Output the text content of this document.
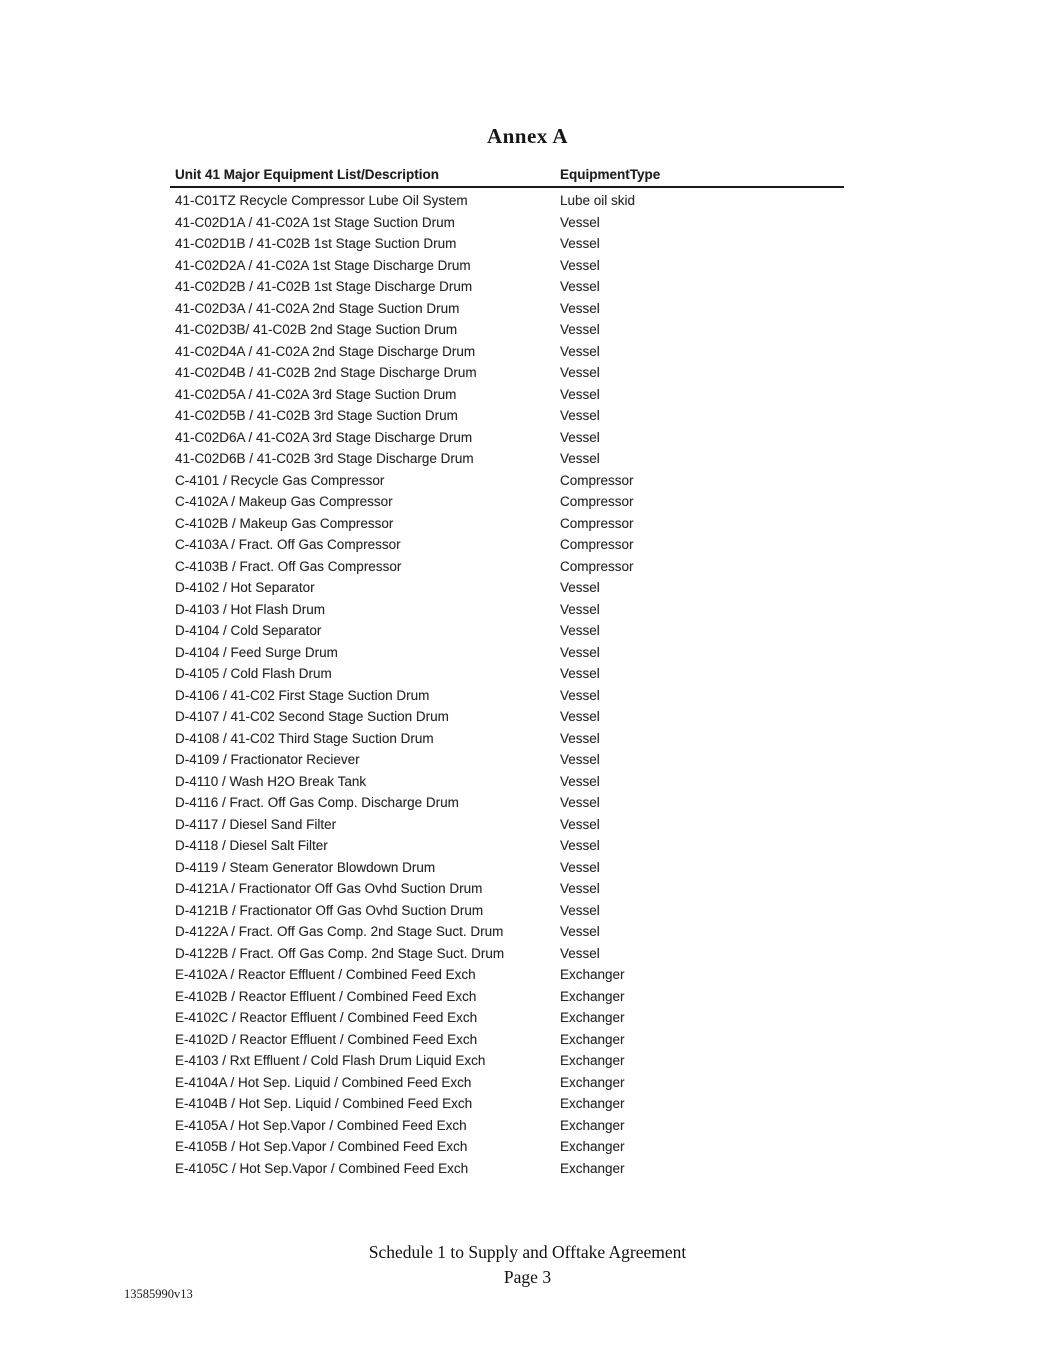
Annex A
Unit 41 Major Equipment List/Description	EquipmentType
41-C01TZ Recycle Compressor Lube Oil System	Lube oil skid
41-C02D1A / 41-C02A 1st Stage Suction Drum	Vessel
41-C02D1B / 41-C02B 1st Stage Suction Drum	Vessel
41-C02D2A / 41-C02A 1st Stage Discharge Drum	Vessel
41-C02D2B / 41-C02B 1st Stage Discharge Drum	Vessel
41-C02D3A / 41-C02A 2nd Stage Suction Drum	Vessel
41-C02D3B/ 41-C02B 2nd Stage Suction Drum	Vessel
41-C02D4A / 41-C02A 2nd Stage Discharge Drum	Vessel
41-C02D4B / 41-C02B 2nd Stage Discharge Drum	Vessel
41-C02D5A / 41-C02A 3rd Stage Suction Drum	Vessel
41-C02D5B / 41-C02B 3rd Stage Suction Drum	Vessel
41-C02D6A / 41-C02A 3rd Stage Discharge Drum	Vessel
41-C02D6B / 41-C02B 3rd Stage Discharge Drum	Vessel
C-4101 / Recycle Gas Compressor	Compressor
C-4102A / Makeup Gas Compressor	Compressor
C-4102B / Makeup Gas Compressor	Compressor
C-4103A / Fract. Off Gas Compressor	Compressor
C-4103B / Fract. Off Gas Compressor	Compressor
D-4102 / Hot Separator	Vessel
D-4103 / Hot Flash Drum	Vessel
D-4104 / Cold Separator	Vessel
D-4104 / Feed Surge Drum	Vessel
D-4105 / Cold Flash Drum	Vessel
D-4106 / 41-C02 First Stage Suction Drum	Vessel
D-4107 / 41-C02 Second Stage Suction Drum	Vessel
D-4108 / 41-C02 Third Stage Suction Drum	Vessel
D-4109 / Fractionator Reciever	Vessel
D-4110 / Wash H2O Break Tank	Vessel
D-4116 / Fract. Off Gas Comp. Discharge Drum	Vessel
D-4117 / Diesel Sand Filter	Vessel
D-4118 / Diesel Salt Filter	Vessel
D-4119 / Steam Generator Blowdown Drum	Vessel
D-4121A / Fractionator Off Gas Ovhd Suction Drum	Vessel
D-4121B / Fractionator Off Gas Ovhd Suction Drum	Vessel
D-4122A / Fract. Off Gas Comp. 2nd Stage Suct. Drum	Vessel
D-4122B / Fract. Off Gas Comp. 2nd Stage Suct. Drum	Vessel
E-4102A / Reactor Effluent / Combined Feed Exch	Exchanger
E-4102B / Reactor Effluent / Combined Feed Exch	Exchanger
E-4102C / Reactor Effluent / Combined Feed Exch	Exchanger
E-4102D / Reactor Effluent / Combined Feed Exch	Exchanger
E-4103 / Rxt Effluent / Cold Flash Drum Liquid Exch	Exchanger
E-4104A / Hot Sep. Liquid / Combined Feed Exch	Exchanger
E-4104B / Hot Sep. Liquid / Combined Feed Exch	Exchanger
E-4105A / Hot Sep.Vapor / Combined Feed Exch	Exchanger
E-4105B / Hot Sep.Vapor / Combined Feed Exch	Exchanger
E-4105C / Hot Sep.Vapor / Combined Feed Exch	Exchanger
Schedule 1 to Supply and Offtake Agreement
Page 3
13585990v13
